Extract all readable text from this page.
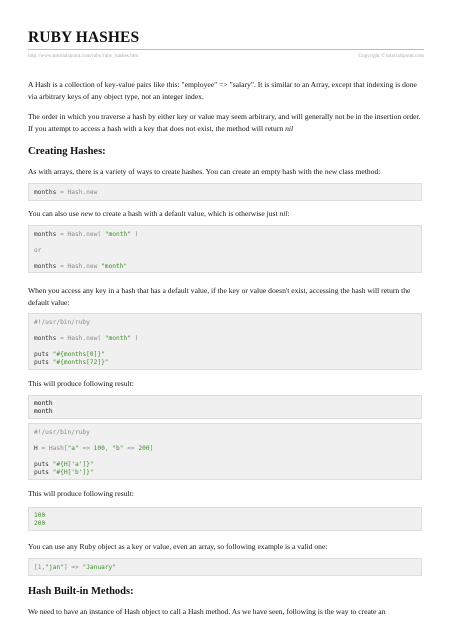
RUBY HASHES
http://www.tutorialspoint.com/ruby/ruby_hashes.htm	Copyright © tutorialspoint.com

A Hash is a collection of key-value pairs like this: "employee" => "salary". It is similar to an Array, except that indexing is done via arbitrary keys of any object type, not an integer index.

The order in which you traverse a hash by either key or value may seem arbitrary, and will generally not be in the insertion order. If you attempt to access a hash with a key that does not exist, the method will return nil

Creating Hashes:

As with arrays, there is a variety of ways to create hashes. You can create an empty hash with the new class method:

months = Hash.new

You can also use new to create a hash with a default value, which is otherwise just nil:

months = Hash.new( "month" )
or
months = Hash.new "month"

When you access any key in a hash that has a default value, if the key or value doesn't exist, accessing the hash will return the default value:

#!/usr/bin/ruby
months = Hash.new( "month" )
puts "#{months[0]}"
puts "#{months[72]}"

This will produce following result:

month
month
#!/usr/bin/ruby
H = Hash["a" => 100, "b" => 200]
puts "#{H['a']}"
puts "#{H['b']}"

This will produce following result:

100
200

You can use any Ruby object as a key or value, even an array, so following example is a valid one:

[1,"jan"] => "January"
Hash Built-in Methods:

We need to have an instance of Hash object to call a Hash method. As we have seen, following is the way to create an
